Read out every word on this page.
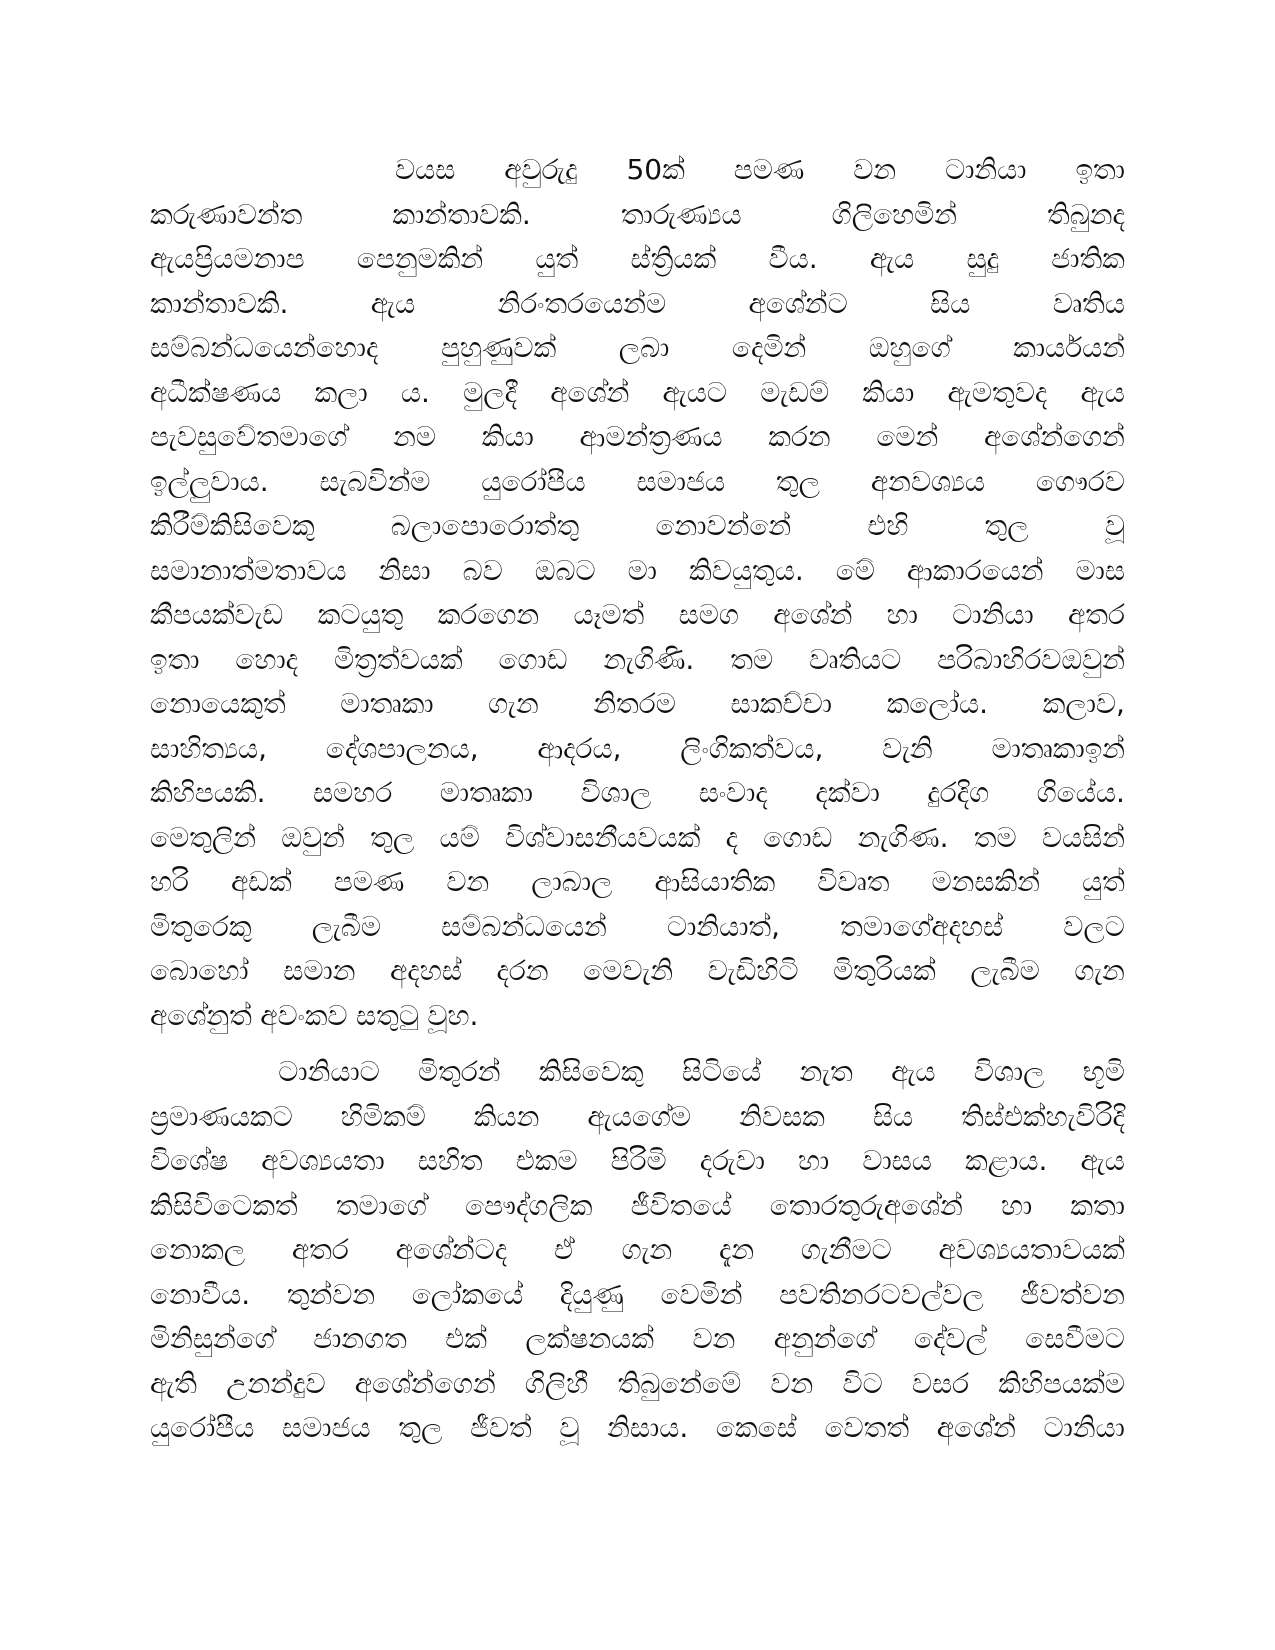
වයස අවුරුදු 50ක් පමණ වන ටානියා ඉතා
කරුණාවන්ත	කාන්තාවකි.	තාරුණ්‍යය	ගිලිහෙමින්	තිබුනද
ඇයප්‍රියමනාප පෙනුමකින් යුත් ස්ත්‍රියක් වීය. ඇය සුදු ජාතික
කාන්තාවකි.	ඇය	නිරංතරයෙන්ම	අශේන්ට	සිය	වෘතිය
සම්බන්ධයෙන්හොද පුහුණුවක් ලබා දෙමින් ඔහුගේ කාර්යයන්
අධීක්ෂණය කලා ය. මුලදී අශේන් ඇයට මැඩම් කියා ඇමතුවද ඇය
පැවසුවේතමාගේ නම කියා ආමන්ත්‍රණය කරන මෙන් අශේන්ගෙන්
ඉල්ලුවාය. සැබවින්ම යුරෝපීය සමාජය තුල අනවශ්‍යය ගෞරව
කිරීම්කිසිවෙකු	බලාපොරොත්තු	නොවන්නේ	එහි	තුල	වූ
සමානාත්මතාවය නිසා බව ඔබට මා කිවයුතුය. මේ ආකාරයෙන් මාස
කීපයක්වැඩ කටයුතු කරගෙන යෑමත් සමග අශේන් හා ටානියා අතර
ඉතා හොද මිත්‍රත්වයක් ගොඩ නැගිණි. තම වෘතියට පරිබාහිරවඔවුන්
නොයෙකුත් මාතෘකා ගැන නිතරම සාකච්චා කලෝය. කලාව,
සාහිත්‍යය, දේශපාලනය, ආදරය, ලිංගිකත්වය, වැනි මාතෘකාඉන්
කිහිපයකි. සමහර මාතෘකා විශාල සංවාද දක්වා දුරදිග ගියේය.
මෙතුලින් ඔවුන් තුල යම් විශ්වාසනීයවයක් ද ගොඩ නැගිණ. තම වයසින්
හරි අඩක් පමණ වන ලාබාල ආසියාතික විවෘත මනසකින් යුත්
මිතුරෙකු ලැබීම සම්බන්ධයෙන් ටානියාත්, තමාගේඅදහස් වලට
බොහෝ සමාන අදහස් දරන මෙවැනි වැඩිහිටි මිතුරියක් ලැබීම ගැන
අශේනුත් අවංකව සතුටු වූහ.
ටානියාට මිතුරන් කිසිවෙකු සිටියේ නැත ඇය විශාල භූමි
ප්‍රමාණයකට හිමිකම් කියන ඇයගේම නිවසක සිය තිස්එක්හැවිරිදි
විශේෂ අවශ්‍යයතා සහිත එකම පිරිමි දරුවා හා වාසය කළාය. ඇය
කිසිවිටෙකත් තමාගේ පෞද්ගලික ජීවිතයේ තොරතුරුඅශේන් හා කතා
නොකල අතර අශේන්ටද ඒ ගැන දැන ගැනීමට අවශ්‍යයතාවයක්
නොවීය. තුන්වන ලෝකයේ දියුණු වෙමින් පවතිනරටවල්වල ජීවත්වන
මිනිසුන්ගේ ජානගත එක් ලක්ෂනයක් වන අනුන්ගේ දේවල් සෙවීමට
ඇති උනන්දුව අශේන්ගෙන් ගිලිහී තිබුනේමේ වන විට වසර කිහිපයක්ම
යුරෝපීය සමාජය තුල ජීවත් වූ නිසාය. කෙසේ වෙතත් අශේන් ටානියා
